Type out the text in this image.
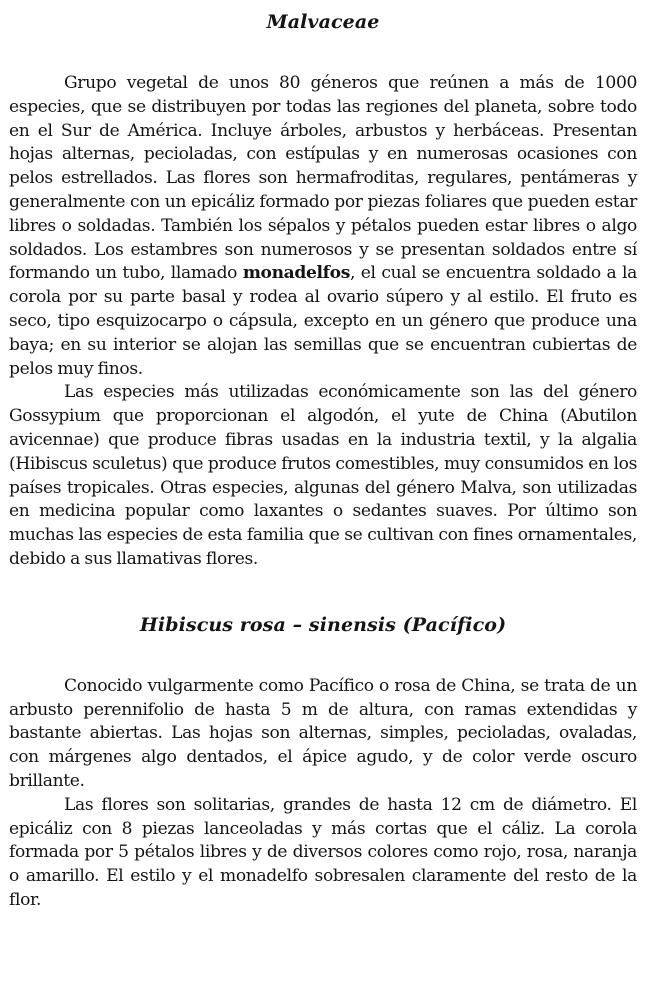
Malvaceae

Grupo vegetal de unos 80 géneros que reúnen a más de 1000 especies, que se distribuyen por todas las regiones del planeta, sobre todo en el Sur de América. Incluye árboles, arbustos y herbáceas. Presentan hojas alternas, pecioladas, con estípulas y en numerosas ocasiones con pelos estrellados. Las flores son hermafroditas, regulares, pentámeras y generalmente con un epicáliz formado por piezas foliares que pueden estar libres o soldadas. También los sépalos y pétalos pueden estar libres o algo soldados. Los estambres son numerosos y se presentan soldados entre sí formando un tubo, llamado monadelfos, el cual se encuentra soldado a la corola por su parte basal y rodea al ovario súpero y al estilo. El fruto es seco, tipo esquizocarpo o cápsula, excepto en un género que produce una baya; en su interior se alojan las semillas que se encuentran cubiertas de pelos muy finos.

Las especies más utilizadas económicamente son las del género Gossypium que proporcionan el algodón, el yute de China (Abutilon avicennae) que produce fibras usadas en la industria textil, y la algalia (Hibiscus sculetus) que produce frutos comestibles, muy consumidos en los países tropicales. Otras especies, algunas del género Malva, son utilizadas en medicina popular como laxantes o sedantes suaves. Por último son muchas las especies de esta familia que se cultivan con fines ornamentales, debido a sus llamativas flores.

Hibiscus rosa – sinensis (Pacífico)

Conocido vulgarmente como Pacífico o rosa de China, se trata de un arbusto perennifolio de hasta 5 m de altura, con ramas extendidas y bastante abiertas. Las hojas son alternas, simples, pecioladas, ovaladas, con márgenes algo dentados, el ápice agudo, y de color verde oscuro brillante.

Las flores son solitarias, grandes de hasta 12 cm de diámetro. El epicáliz con 8 piezas lanceoladas y más cortas que el cáliz. La corola formada por 5 pétalos libres y de diversos colores como rojo, rosa, naranja o amarillo. El estilo y el monadelfo sobresalen claramente del resto de la flor.
